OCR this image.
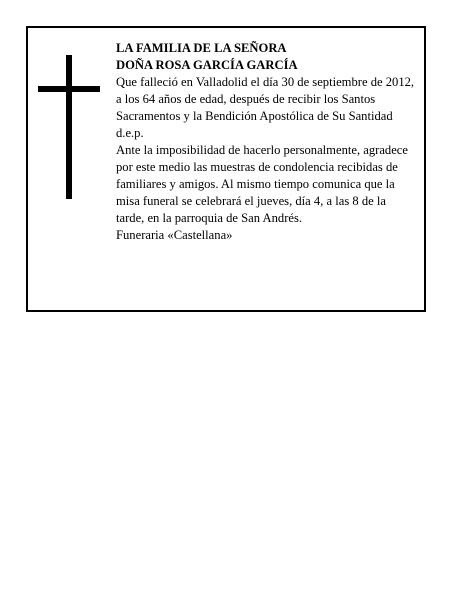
LA FAMILIA DE LA SEÑORA

DOÑA ROSA GARCÍA GARCÍA

Que falleció en Valladolid el día 30 de septiembre de 2012, a los 64 años de edad, después de recibir los Santos Sacramentos y la Bendición Apostólica de Su Santidad

d.e.p.

Ante la imposibilidad de hacerlo personalmente, agradece por este medio las muestras de condolencia recibidas de familiares y amigos. Al mismo tiempo comunica que la misa funeral se celebrará el jueves, día 4, a las 8 de la tarde, en la parroquia de San Andrés.

Funeraria «Castellana»
